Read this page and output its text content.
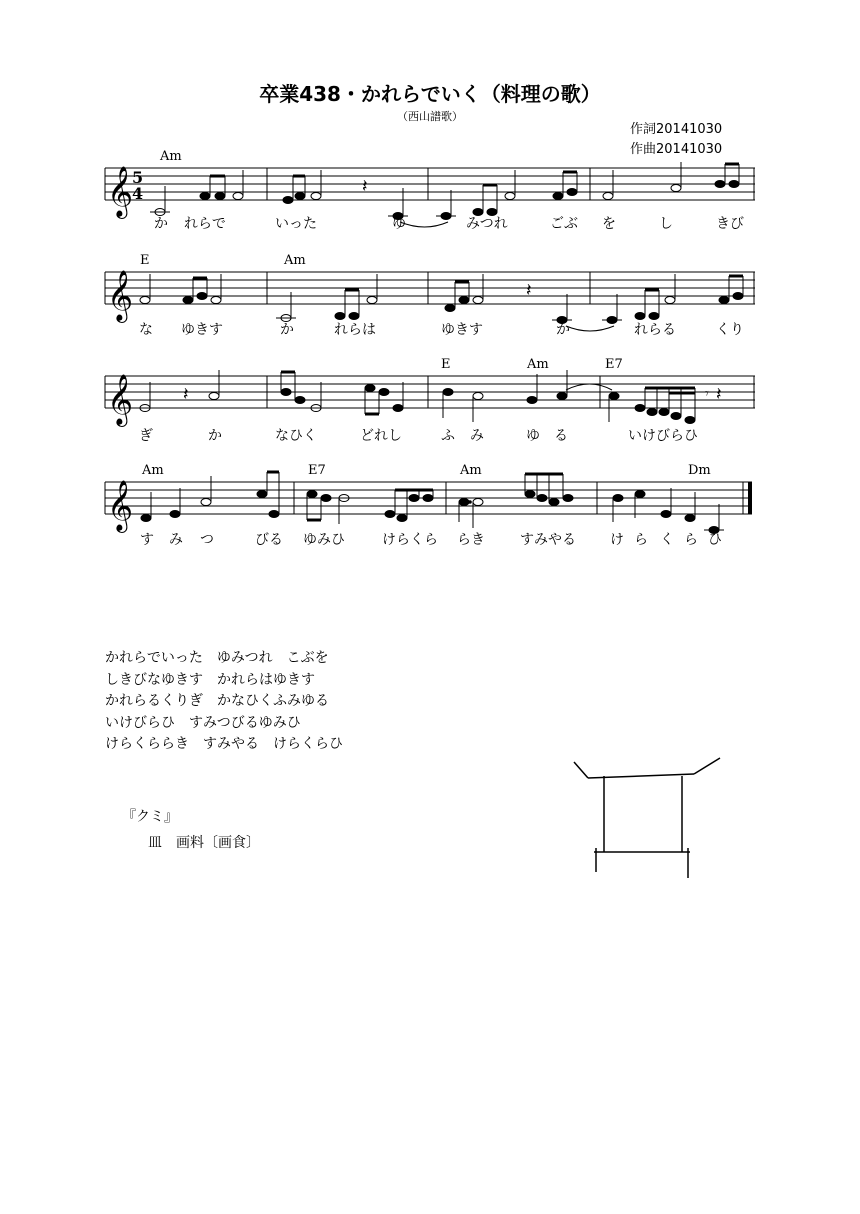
卒業438・かれらでいく（料理の歌）
（西山譜歌）
作詞20141030
作曲20141030
𝄞
5
4
Am
𝄽
か れらで	いった	ゆ	みつれ	ごぶ を	し	きび
𝄞
E	Am
𝄽
な ゆきす	か	れらは	ゆきす	か	れらる	くり
𝄞
E	Am	E7
𝄽	𝄾 𝄽
ぎ	か	なひく	どれし	ふ み	ゆ る	いけびらひ
𝄞
Am	E7	Am	Dm
す み つ	びる ゆみひ	けらくら らき	すみやる け ら く ら ひ
かれらでいった　ゆみつれ　こぶを
しきびなゆきす　かれらはゆきす
かれらるくりぎ　かなひくふみゆる
いけびらひ　すみつびるゆみひ
けらくららき　すみやる　けらくらひ
『クミ』
皿　画料〔画食〕
